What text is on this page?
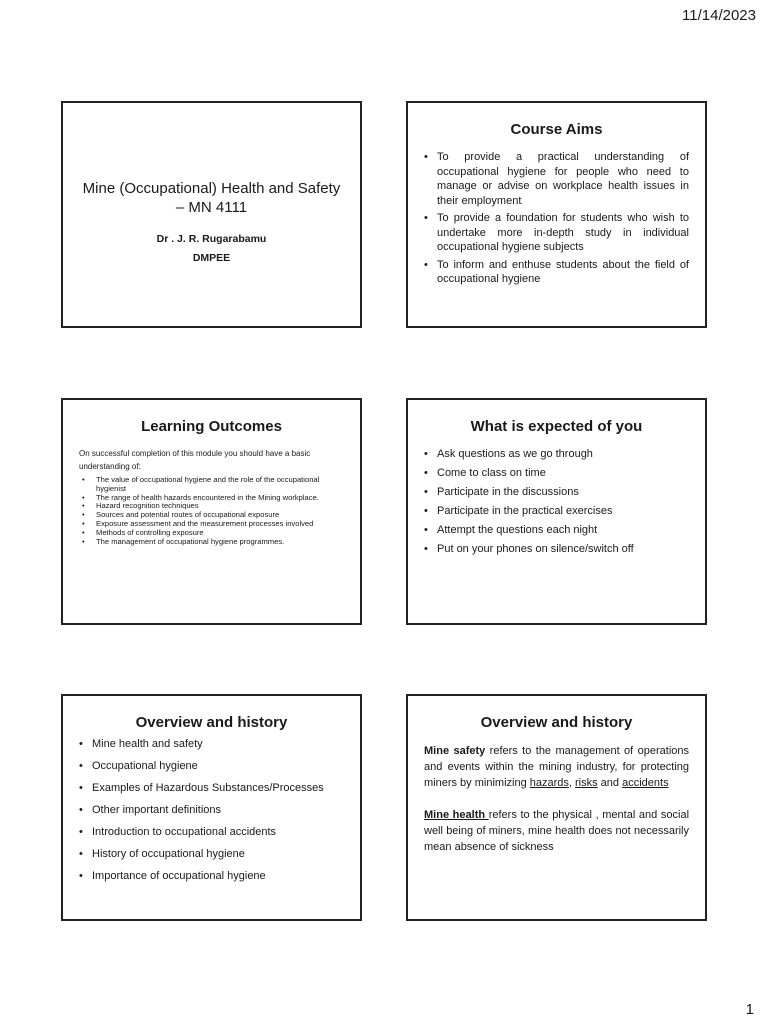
11/14/2023
Mine (Occupational) Health and Safety – MN 4111
Dr . J. R. Rugarabamu
DMPEE
Course Aims
• To provide a practical understanding of occupational hygiene for people who need to manage or advise on workplace health issues in their employment
• To provide a foundation for students who wish to undertake more in-depth study in individual occupational hygiene subjects
• To inform and enthuse students about the field of occupational hygiene
Learning Outcomes

On successful completion of this module you should have a basic understanding of:

• The value of occupational hygiene and the role of the occupational hygienist
• The range of health hazards encountered in the Mining workplace.
• Hazard recognition techniques
• Sources and potential routes of occupational exposure
• Exposure assessment and the measurement processes involved
• Methods of controlling exposure
• The management of occupational hygiene programmes.
What is expected of you
• Ask questions as we go through
• Come to class on time
• Participate in the discussions
• Participate in the practical exercises
• Attempt the questions each night
• Put on your phones on silence/switch off
Overview and history
• Mine health and safety
• Occupational hygiene
• Examples of Hazardous Substances/Processes
• Other important definitions
• Introduction to occupational accidents
• History of occupational hygiene
• Importance of occupational hygiene
Overview and history

Mine safety refers to the management of operations and events within the mining industry, for protecting miners by minimizing hazards, risks and accidents

Mine health refers to the physical , mental and social well being of miners, mine health does not necessarily mean absence of sickness

1
